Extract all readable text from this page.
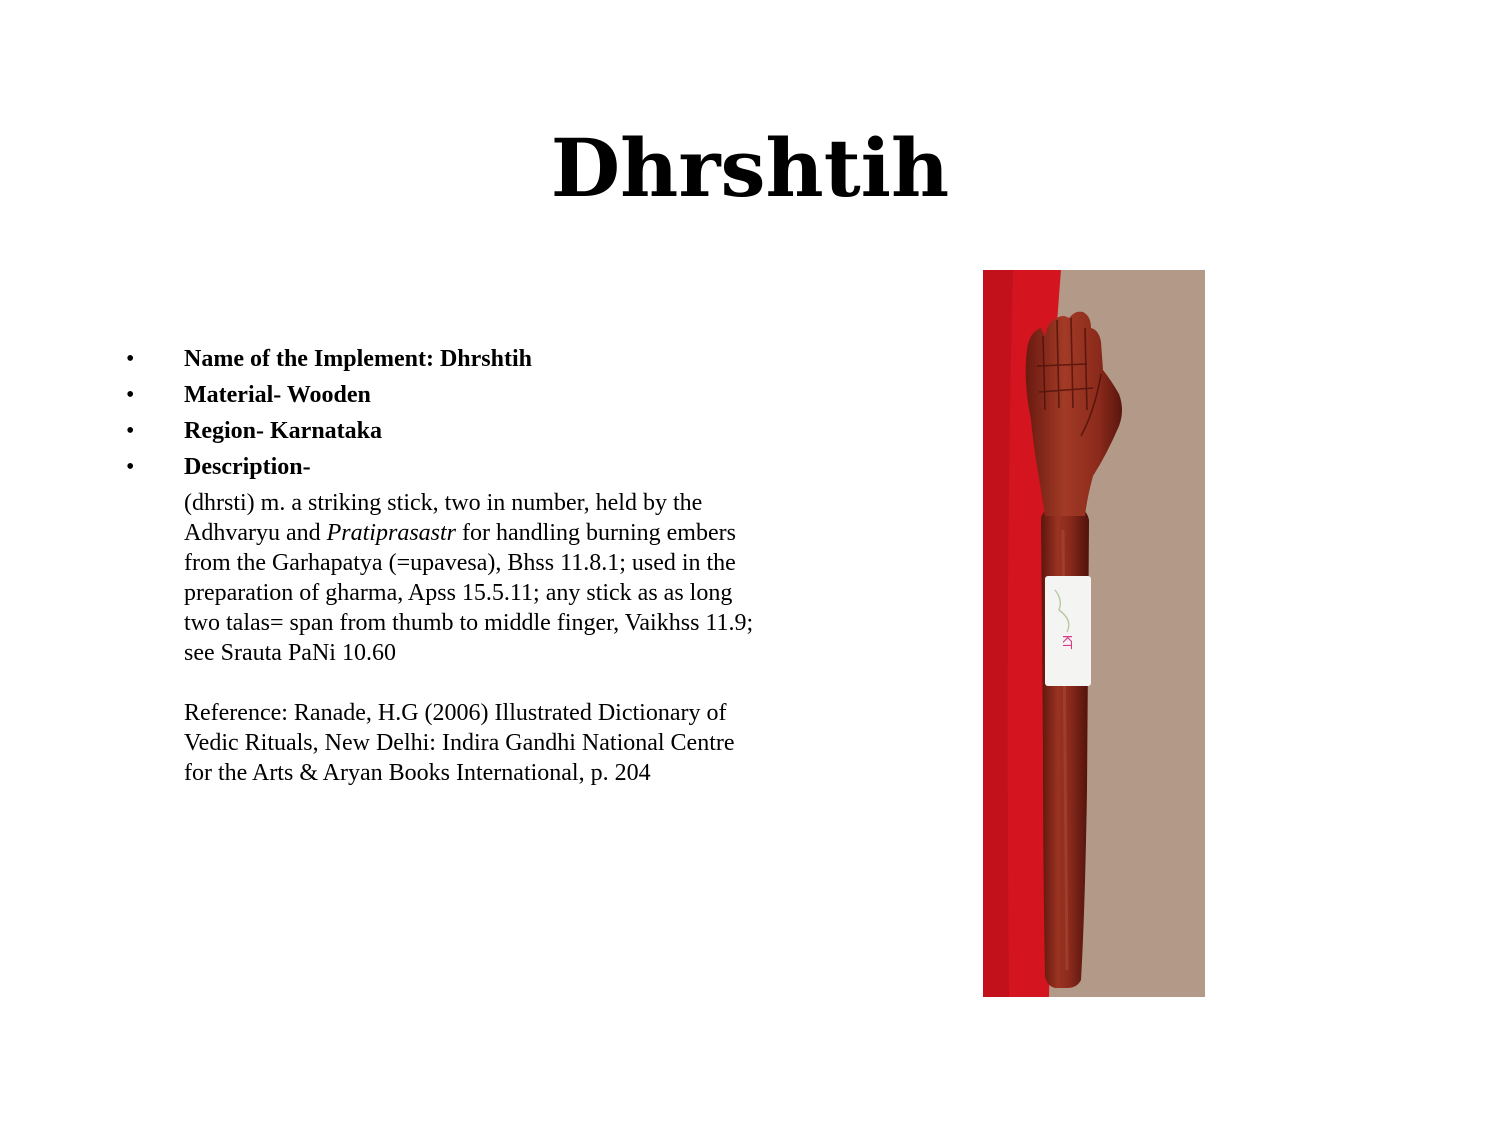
Dhrshtih
• Name of the Implement: Dhrshtih
• Material- Wooden
• Region- Karnataka
• Description-

(dhrsti) m. a striking stick, two in number, held by the Adhvaryu and Pratiprasastr for handling burning embers from the Garhapatya (=upavesa), Bhss 11.8.1; used in the preparation of gharma, Apss 15.5.11; any stick as as long two talas= span from thumb to middle finger, Vaikhss 11.9; see Srauta PaNi 10.60

Reference: Ranade, H.G (2006) Illustrated Dictionary of Vedic Rituals, New Delhi: Indira Gandhi National Centre for the Arts & Aryan Books International, p. 204

KT
